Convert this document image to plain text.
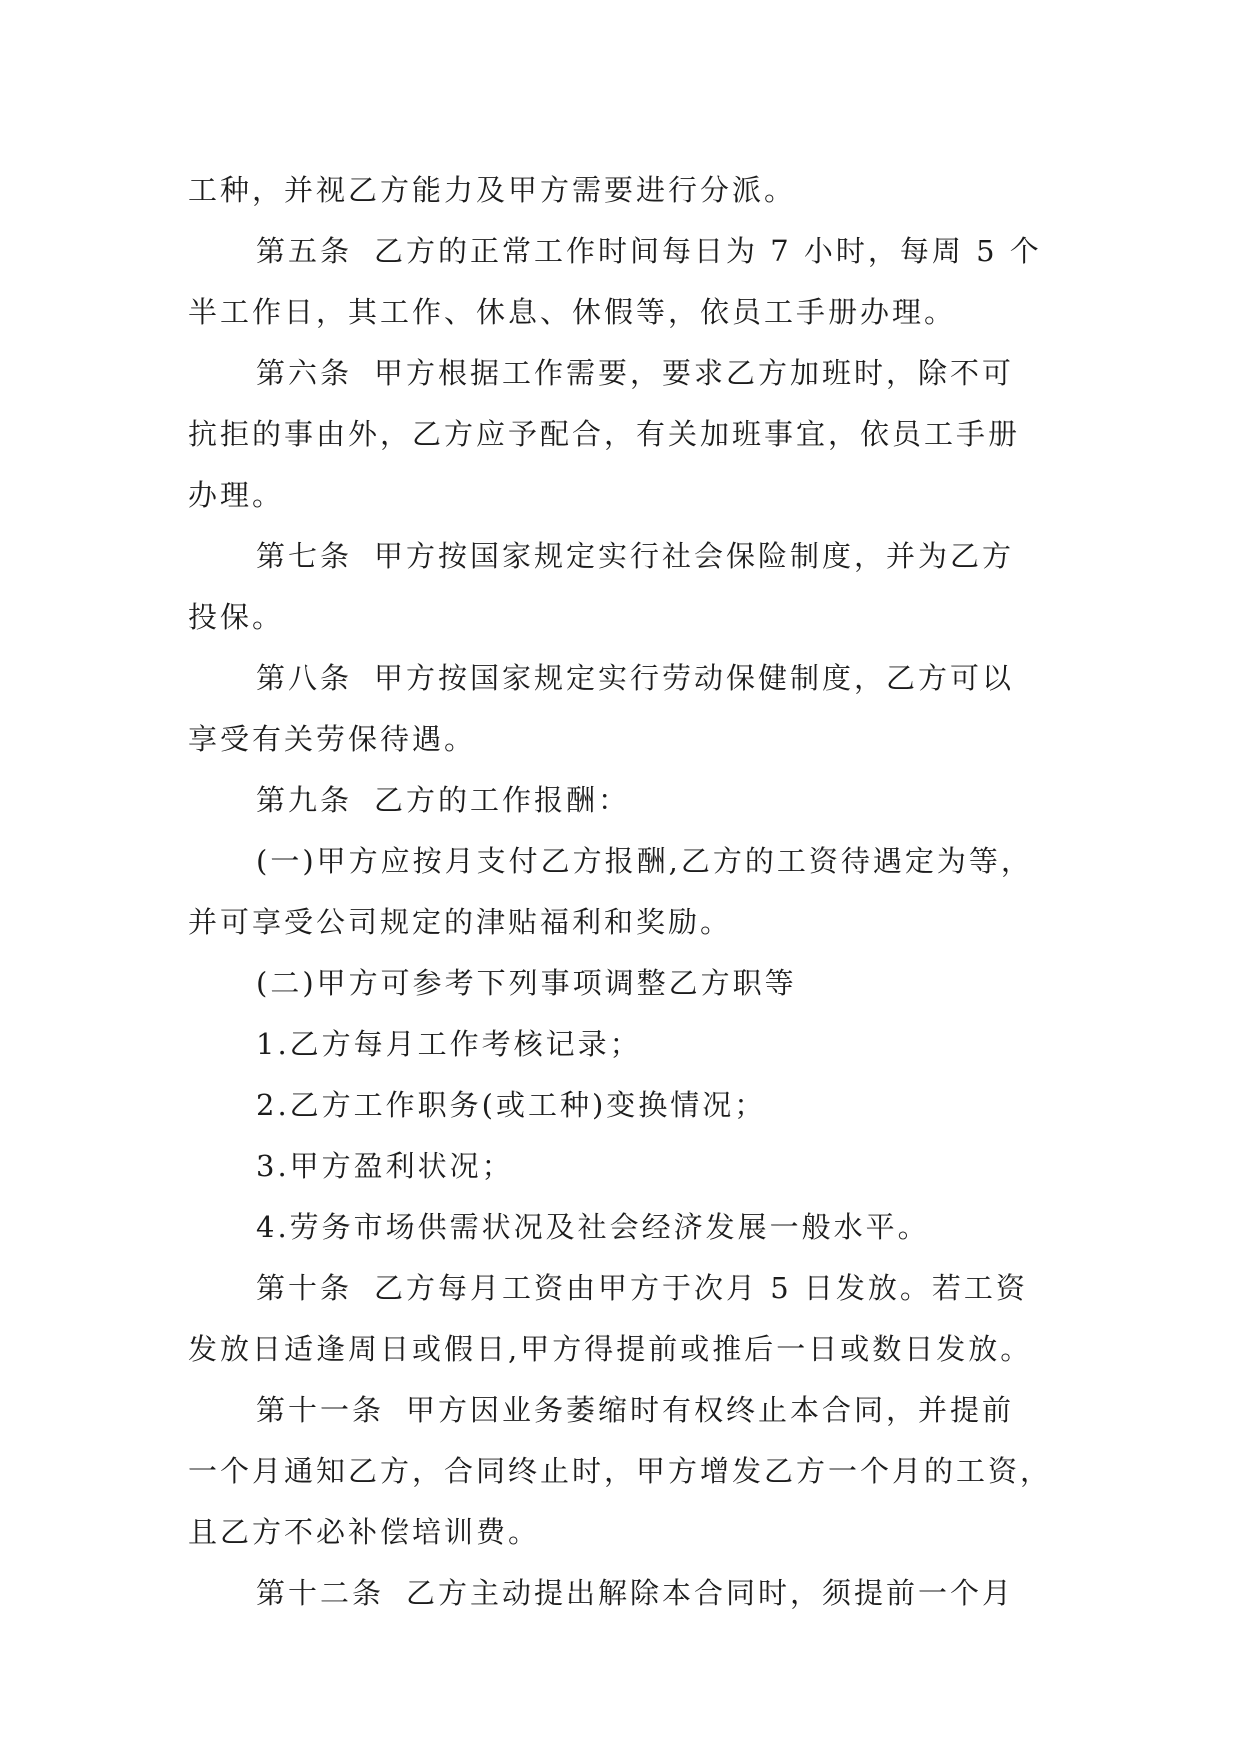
工种，并视乙方能力及甲方需要进行分派。
第五条 乙方的正常工作时间每日为 7 小时，每周 5 个
半工作日，其工作、休息、休假等，依员工手册办理。
第六条 甲方根据工作需要，要求乙方加班时，除不可
抗拒的事由外，乙方应予配合，有关加班事宜，依员工手册
办理。
第七条 甲方按国家规定实行社会保险制度，并为乙方
投保。
第八条 甲方按国家规定实行劳动保健制度，乙方可以
享受有关劳保待遇。
第九条 乙方的工作报酬：
(一)甲方应按月支付乙方报酬,乙方的工资待遇定为等，
并可享受公司规定的津贴福利和奖励。
(二)甲方可参考下列事项调整乙方职等
1.乙方每月工作考核记录；
2.乙方工作职务(或工种)变换情况；
3.甲方盈利状况；
4.劳务市场供需状况及社会经济发展一般水平。
第十条 乙方每月工资由甲方于次月 5 日发放。若工资
发放日适逢周日或假日,甲方得提前或推后一日或数日发放。
第十一条 甲方因业务萎缩时有权终止本合同，并提前
一个月通知乙方，合同终止时，甲方增发乙方一个月的工资，
且乙方不必补偿培训费。
第十二条 乙方主动提出解除本合同时，须提前一个月
